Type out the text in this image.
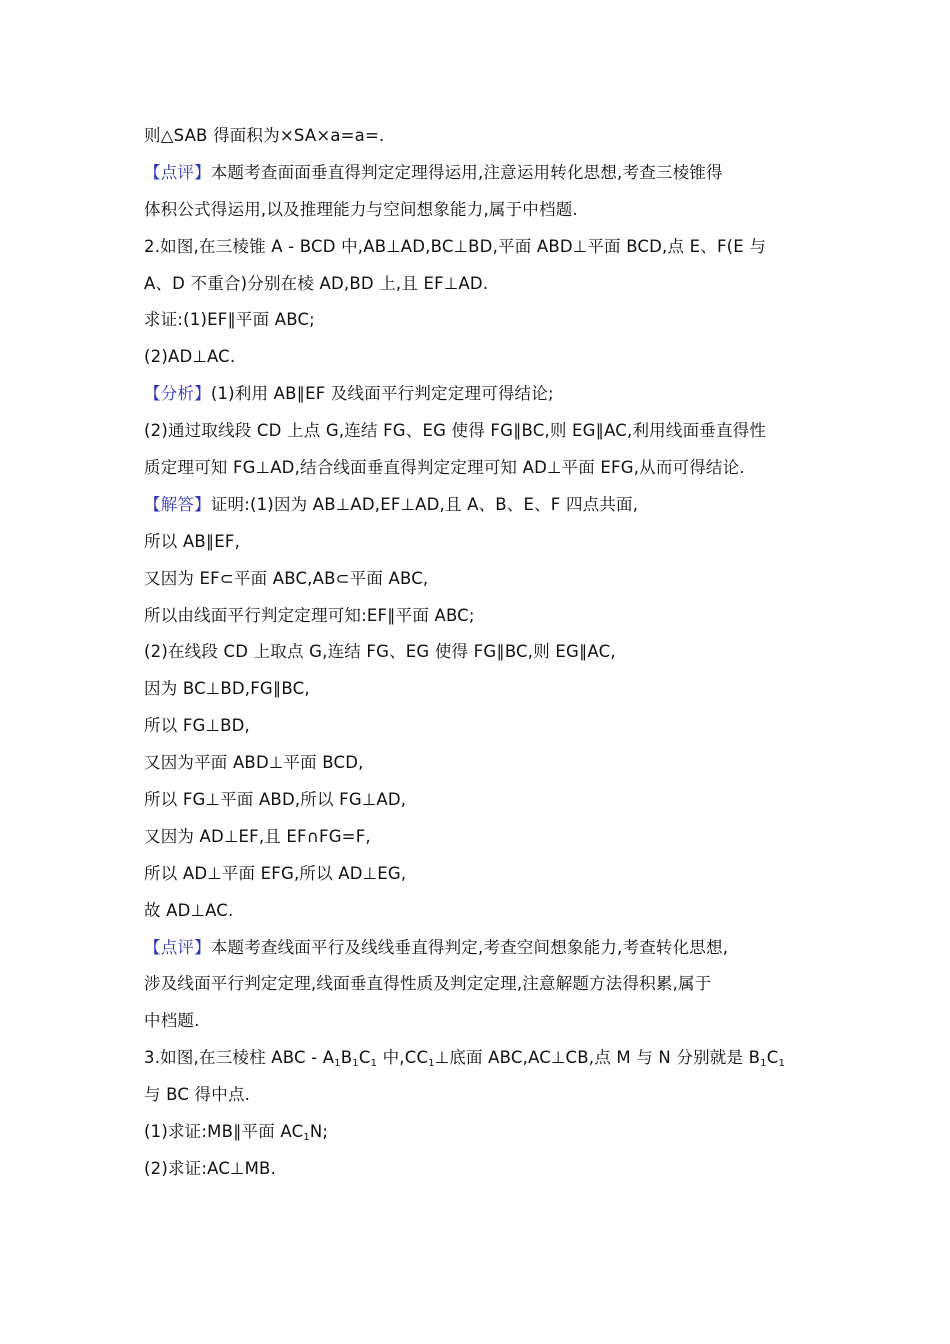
则△SAB 得面积为×SA×a=a=.
【点评】本题考查面面垂直得判定定理得运用,注意运用转化思想,考查三棱锥得
体积公式得运用,以及推理能力与空间想象能力,属于中档题.
2.如图,在三棱锥 A - BCD 中,AB⊥AD,BC⊥BD,平面 ABD⊥平面 BCD,点 E、F(E 与
A、D 不重合)分别在棱 AD,BD 上,且 EF⊥AD.
求证:(1)EF∥平面 ABC;
(2)AD⊥AC.
【分析】(1)利用 AB∥EF 及线面平行判定定理可得结论;
(2)通过取线段 CD 上点 G,连结 FG、EG 使得 FG∥BC,则 EG∥AC,利用线面垂直得性
质定理可知 FG⊥AD,结合线面垂直得判定定理可知 AD⊥平面 EFG,从而可得结论.
【解答】证明:(1)因为 AB⊥AD,EF⊥AD,且 A、B、E、F 四点共面,
所以 AB∥EF,
又因为 EF⊂平面 ABC,AB⊂平面 ABC,
所以由线面平行判定定理可知:EF∥平面 ABC;
(2)在线段 CD 上取点 G,连结 FG、EG 使得 FG∥BC,则 EG∥AC,
因为 BC⊥BD,FG∥BC,
所以 FG⊥BD,
又因为平面 ABD⊥平面 BCD,
所以 FG⊥平面 ABD,所以 FG⊥AD,
又因为 AD⊥EF,且 EF∩FG=F,
所以 AD⊥平面 EFG,所以 AD⊥EG,
故 AD⊥AC.
【点评】本题考查线面平行及线线垂直得判定,考查空间想象能力,考查转化思想,
涉及线面平行判定定理,线面垂直得性质及判定定理,注意解题方法得积累,属于
中档题.
3.如图,在三棱柱 ABC - $A_1B_1C_1$ 中$,CC_1\perp$底面 ABC,AC⊥CB,点 M 与 N 分别就是 $B_1C_1$
与 BC 得中点.
(1)求证:MB∥平面 $AC_1N$;
(2)求证:AC⊥MB.
